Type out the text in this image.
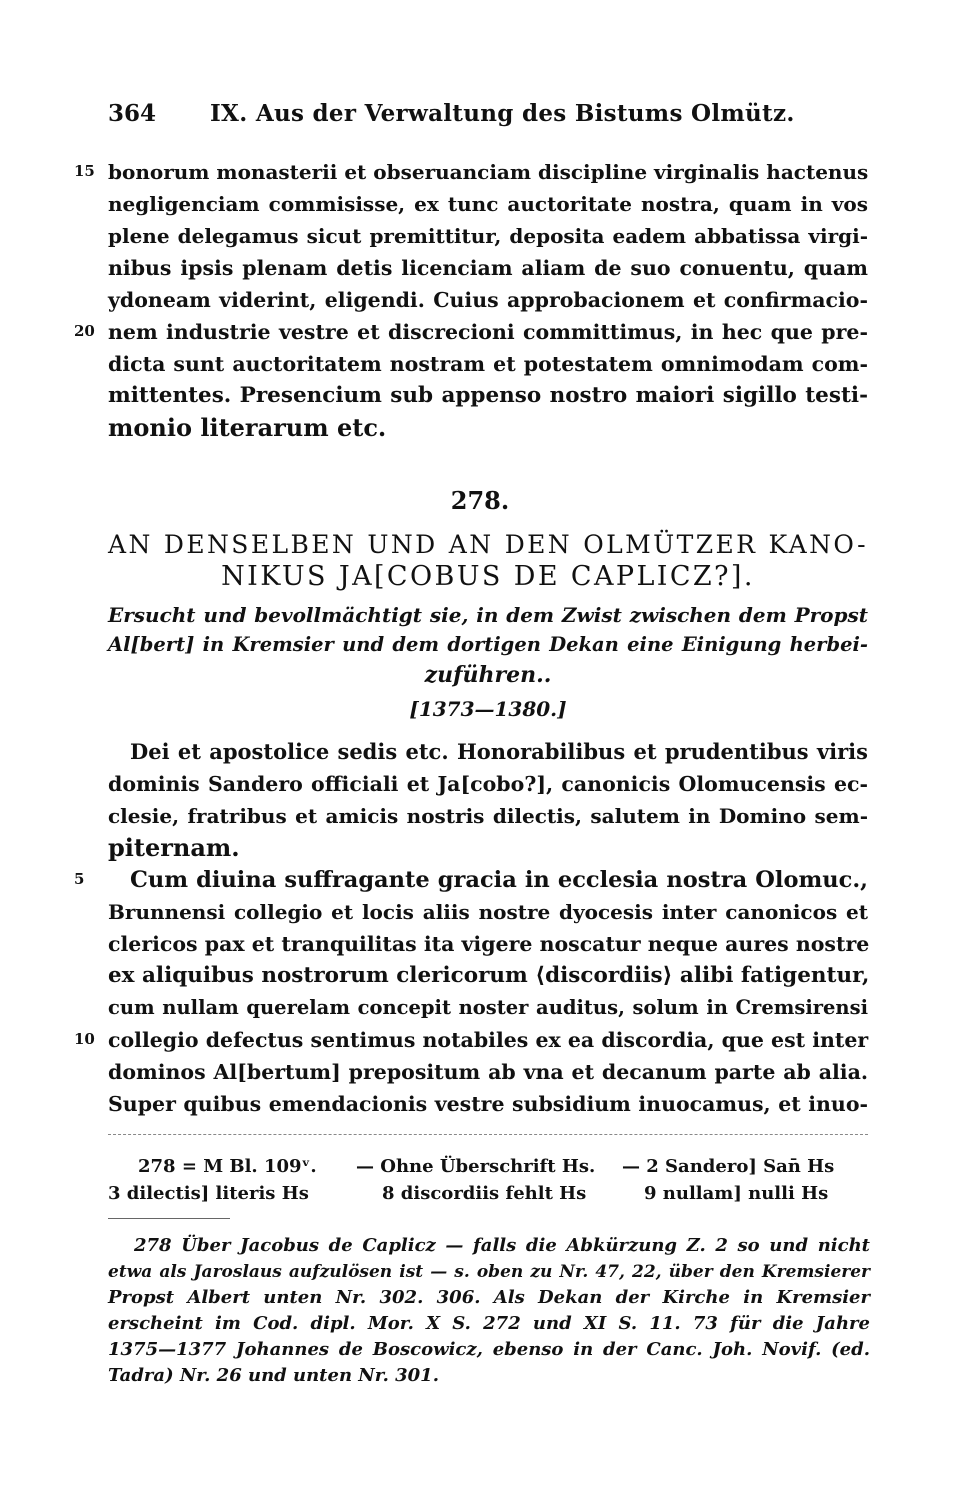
364 IX. Aus der Verwaltung des Bistums Olmütz.
15 bonorum monasterii et obseruanciam discipline virginalis hactenus
negligenciam commisisse, ex tunc auctoritate nostra, quam in vos
plene delegamus sicut premittitur, deposita eadem abbatissa virgi-
nibus ipsis plenam detis licenciam aliam de suo conuentu, quam
ydoneam viderint, eligendi. Cuius approbacionem et confirmacio-
20 nem industrie vestre et discrecioni committimus, in hec que pre-
dicta sunt auctoritatem nostram et potestatem omnimodam com-
mittentes. Presencium sub appenso nostro maiori sigillo testi-
monio literarum etc.
278.
AN DENSELBEN UND AN DEN OLMÜTZER KANO-
NIKUS JA[COBUS DE CAPLICZ?].
Ersucht und bevollmächtigt sie, in dem Zwist zwischen dem Propst
Al[bert] in Kremsier und dem dortigen Dekan eine Einigung herbei-
zuführen..
[1373—1380.]
Dei et apostolice sedis etc. Honorabilibus et prudentibus viris
dominis Sandero officiali et Ja[cobo?], canonicis Olomucensis ec-
clesie, fratribus et amicis nostris dilectis, salutem in Domino sem-
piternam.
5 Cum diuina suffragante gracia in ecclesia nostra Olomuc.,
Brunnensi collegio et locis aliis nostre dyocesis inter canonicos et
clericos pax et tranquilitas ita vigere noscatur neque aures nostre
ex aliquibus nostrorum clericorum ⟨discordiis⟩ alibi fatigentur,
cum nullam querelam concepit noster auditus, solum in Cremsirensi
10 collegio defectus sentimus notabiles ex ea discordia, que est inter
dominos Al[bertum] prepositum ab vna et decanum parte ab alia.
Super quibus emendacionis vestre subsidium inuocamus, et inuo-
278 = M Bl. 109ᵛ. — Ohne Überschrift Hs. — 2 Sandero] San̄ Hs
3 dilectis] literis Hs	8 discordiis fehlt Hs	9 nullam] nulli Hs
278 Über Jacobus de Caplicz — falls die Abkürzung Z. 2 so und nicht
etwa als Jaroslaus aufzulösen ist — s. oben zu Nr. 47, 22, über den Kremsierer
Propst Albert unten Nr. 302. 306. Als Dekan der Kirche in Kremsier
erscheint im Cod. dipl. Mor. X S. 272 und XI S. 11. 73 für die Jahre
1375—1377 Johannes de Boscowicz, ebenso in der Canc. Joh. Novif. (ed.
Tadra) Nr. 26 und unten Nr. 301.
